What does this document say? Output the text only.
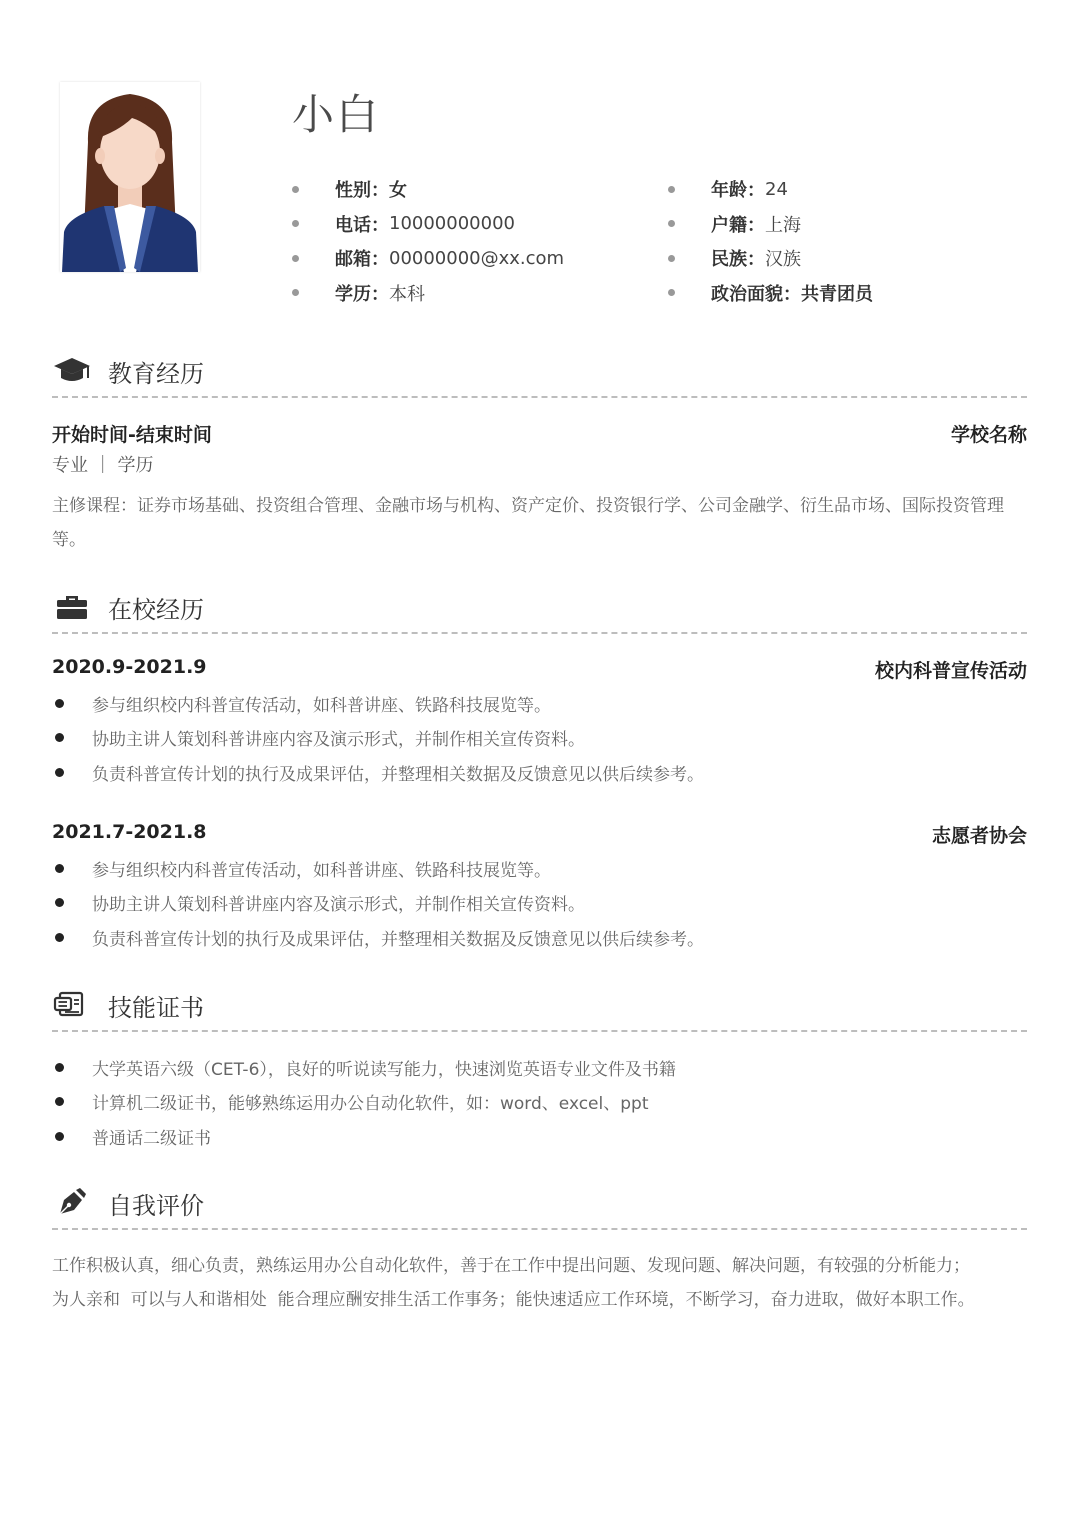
小白
性别 ： 女
电话 ： 10000000000
邮箱 ： 00000000@xx.com
学历 ： 本科
年龄 ： 24
户籍 ： 上海
民族 ： 汉族
政治面貌 ： 共青团员
教育经历
开始时间-结束时间	学校名称
专业 ｜ 学历
主修课程：证券市场基础、投资组合管理、金融市场与机构、资产定价、投资银行学、公司金融学、衍生品市场、国际投资管理等。
在校经历
2020.9-2021.9	校内科普宣传活动
参与组织校内科普宣传活动，如科普讲座、铁路科技展览等。
协助主讲人策划科普讲座内容及演示形式，并制作相关宣传资料。
负责科普宣传计划的执行及成果评估，并整理相关数据及反馈意见以供后续参考。
2021.7-2021.8	志愿者协会
参与组织校内科普宣传活动，如科普讲座、铁路科技展览等。
协助主讲人策划科普讲座内容及演示形式，并制作相关宣传资料。
负责科普宣传计划的执行及成果评估，并整理相关数据及反馈意见以供后续参考。
技能证书
大学英语六级（CET-6），良好的听说读写能力，快速浏览英语专业文件及书籍
计算机二级证书，能够熟练运用办公自动化软件，如：word、excel、ppt
普通话二级证书
自我评价
工作积极认真，细心负责，熟练运用办公自动化软件，善于在工作中提出问题、发现问题、解决问题，有较强的分析能力；
为人亲和  可以与人和谐相处  能合理应酬安排生活工作事务；能快速适应工作环境，不断学习，奋力进取，做好本职工作。
